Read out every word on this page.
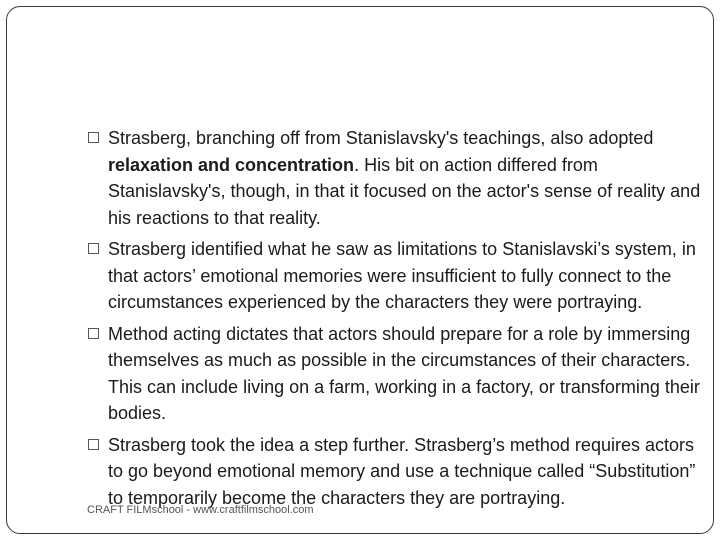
Strasberg, branching off from Stanislavsky's teachings, also adopted relaxation and concentration. His bit on action differed from Stanislavsky's, though, in that it focused on the actor's sense of reality and his reactions to that reality.
Strasberg identified what he saw as limitations to Stanislavski’s system, in that actors’ emotional memories were insufficient to fully connect to the circumstances experienced by the characters they were portraying.
Method acting dictates that actors should prepare for a role by immersing themselves as much as possible in the circumstances of their characters. This can include living on a farm, working in a factory, or transforming their bodies.
Strasberg took the idea a step further. Strasberg’s method requires actors to go beyond emotional memory and use a technique called “Substitution” to temporarily become the characters they are portraying.
CRAFT FILMschool - www.craftfilmschool.com
